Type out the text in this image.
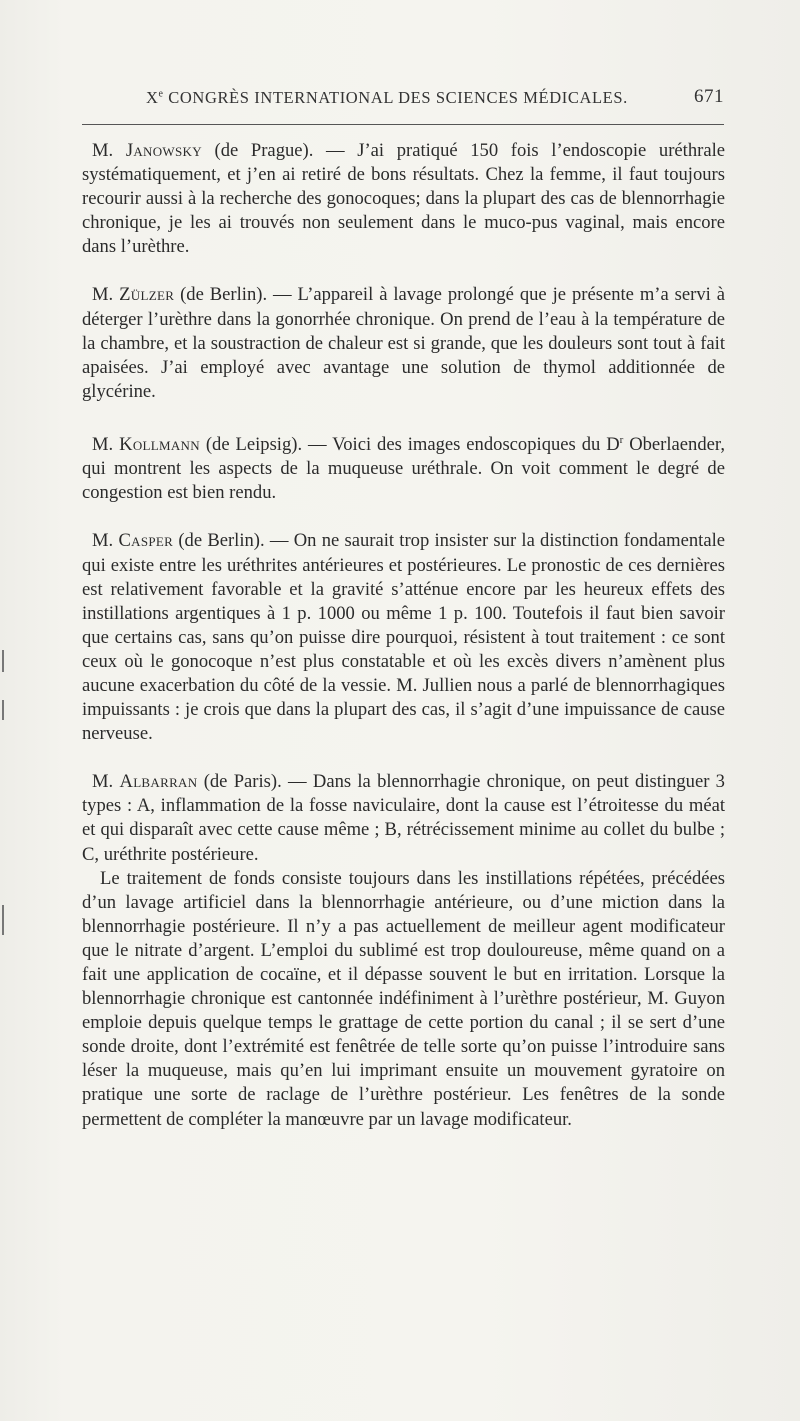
Xe CONGRÈS INTERNATIONAL DES SCIENCES MÉDICALES.	671

M. Janowsky (de Prague). — J’ai pratiqué 150 fois l’endoscopie uréthrale systématiquement, et j’en ai retiré de bons résultats. Chez la femme, il faut toujours recourir aussi à la recherche des gonocoques; dans la plupart des cas de blennorrhagie chronique, je les ai trouvés non seulement dans le muco-pus vaginal, mais encore dans l’urèthre.

M. Zülzer (de Berlin). — L’appareil à lavage prolongé que je présente m’a servi à déterger l’urèthre dans la gonorrhée chronique. On prend de l’eau à la température de la chambre, et la soustraction de chaleur est si grande, que les douleurs sont tout à fait apaisées. J’ai employé avec avantage une solution de thymol additionnée de glycérine.

M. Kollmann (de Leipsig). — Voici des images endoscopiques du $D^r$ Oberlaender, qui montrent les aspects de la muqueuse uréthrale. On voit comment le degré de congestion est bien rendu.

M. Casper (de Berlin). — On ne saurait trop insister sur la distinction fondamentale qui existe entre les uréthrites antérieures et postérieures. Le pronostic de ces dernières est relativement favorable et la gravité s’atténue encore par les heureux effets des instillations argentiques à 1 p. 1000 ou même 1 p. 100. Toutefois il faut bien savoir que certains cas, sans qu’on puisse dire pourquoi, résistent à tout traitement : ce sont ceux où le gonocoque n’est plus constatable et où les excès divers n’amènent plus aucune exacerbation du côté de la vessie. M. Jullien nous a parlé de blennorrhagiques impuissants : je crois que dans la plupart des cas, il s’agit d’une impuissance de cause nerveuse.

M. Albarran (de Paris). — Dans la blennorrhagie chronique, on peut distinguer 3 types : A, inflammation de la fosse naviculaire, dont la cause est l’étroitesse du méat et qui disparaît avec cette cause même ; B, rétrécissement minime au collet du bulbe ; C, uréthrite postérieure.

Le traitement de fonds consiste toujours dans les instillations répétées, précédées d’un lavage artificiel dans la blennorrhagie antérieure, ou d’une miction dans la blennorrhagie postérieure. Il n’y a pas actuellement de meilleur agent modificateur que le nitrate d’argent. L’emploi du sublimé est trop douloureuse, même quand on a fait une application de cocaïne, et il dépasse souvent le but en irritation. Lorsque la blennorrhagie chronique est cantonnée indéfiniment à l’urèthre postérieur, M. Guyon emploie depuis quelque temps le grattage de cette portion du canal ; il se sert d’une sonde droite, dont l’extrémité est fenêtrée de telle sorte qu’on puisse l’introduire sans léser la muqueuse, mais qu’en lui imprimant ensuite un mouvement gyratoire on pratique une sorte de raclage de l’urèthre postérieur. Les fenêtres de la sonde permettent de compléter la manœuvre par un lavage modificateur.
